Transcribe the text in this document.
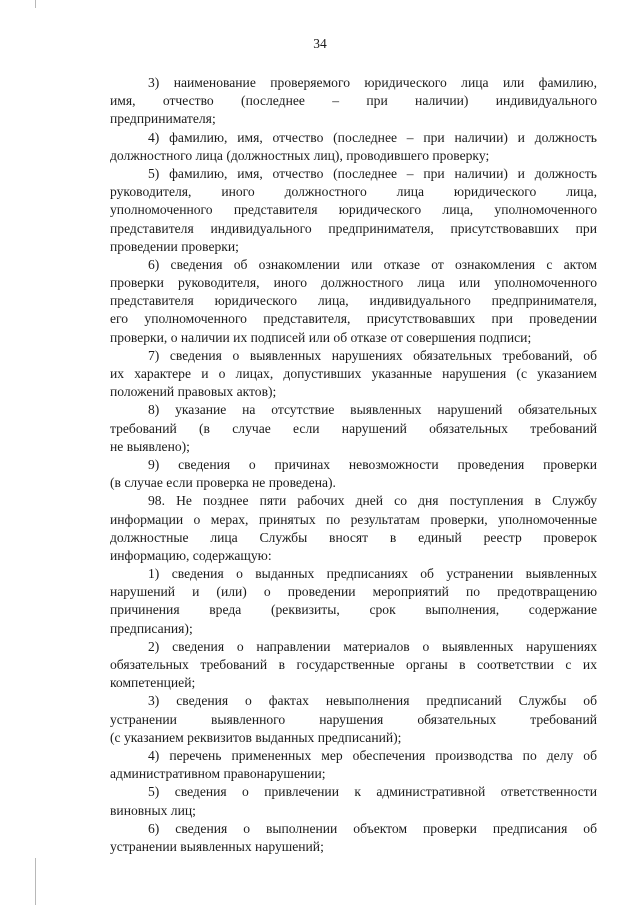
34
3) наименование проверяемого юридического лица или фамилию,
имя, отчество (последнее – при наличии) индивидуального
предпринимателя;
4) фамилию, имя, отчество (последнее – при наличии) и должность
должностного лица (должностных лиц), проводившего проверку;
5) фамилию, имя, отчество (последнее – при наличии) и должность
руководителя, иного должностного лица юридического лица,
уполномоченного представителя юридического лица, уполномоченного
представителя индивидуального предпринимателя, присутствовавших при
проведении проверки;
6) сведения об ознакомлении или отказе от ознакомления с актом
проверки руководителя, иного должностного лица или уполномоченного
представителя юридического лица, индивидуального предпринимателя,
его уполномоченного представителя, присутствовавших при проведении
проверки, о наличии их подписей или об отказе от совершения подписи;
7) сведения о выявленных нарушениях обязательных требований, об
их характере и о лицах, допустивших указанные нарушения (с указанием
положений правовых актов);
8) указание на отсутствие выявленных нарушений обязательных
требований (в случае если нарушений обязательных требований
не выявлено);
9) сведения о причинах невозможности проведения проверки
(в случае если проверка не проведена).
98. Не позднее пяти рабочих дней со дня поступления в Службу
информации о мерах, принятых по результатам проверки, уполномоченные
должностные лица Службы вносят в единый реестр проверок
информацию, содержащую:
1) сведения о выданных предписаниях об устранении выявленных
нарушений и (или) о проведении мероприятий по предотвращению
причинения вреда (реквизиты, срок выполнения, содержание
предписания);
2) сведения о направлении материалов о выявленных нарушениях
обязательных требований в государственные органы в соответствии с их
компетенцией;
3) сведения о фактах невыполнения предписаний Службы об
устранении выявленного нарушения обязательных требований
(с указанием реквизитов выданных предписаний);
4) перечень примененных мер обеспечения производства по делу об
административном правонарушении;
5) сведения о привлечении к административной ответственности
виновных лиц;
6) сведения о выполнении объектом проверки предписания об
устранении выявленных нарушений;
